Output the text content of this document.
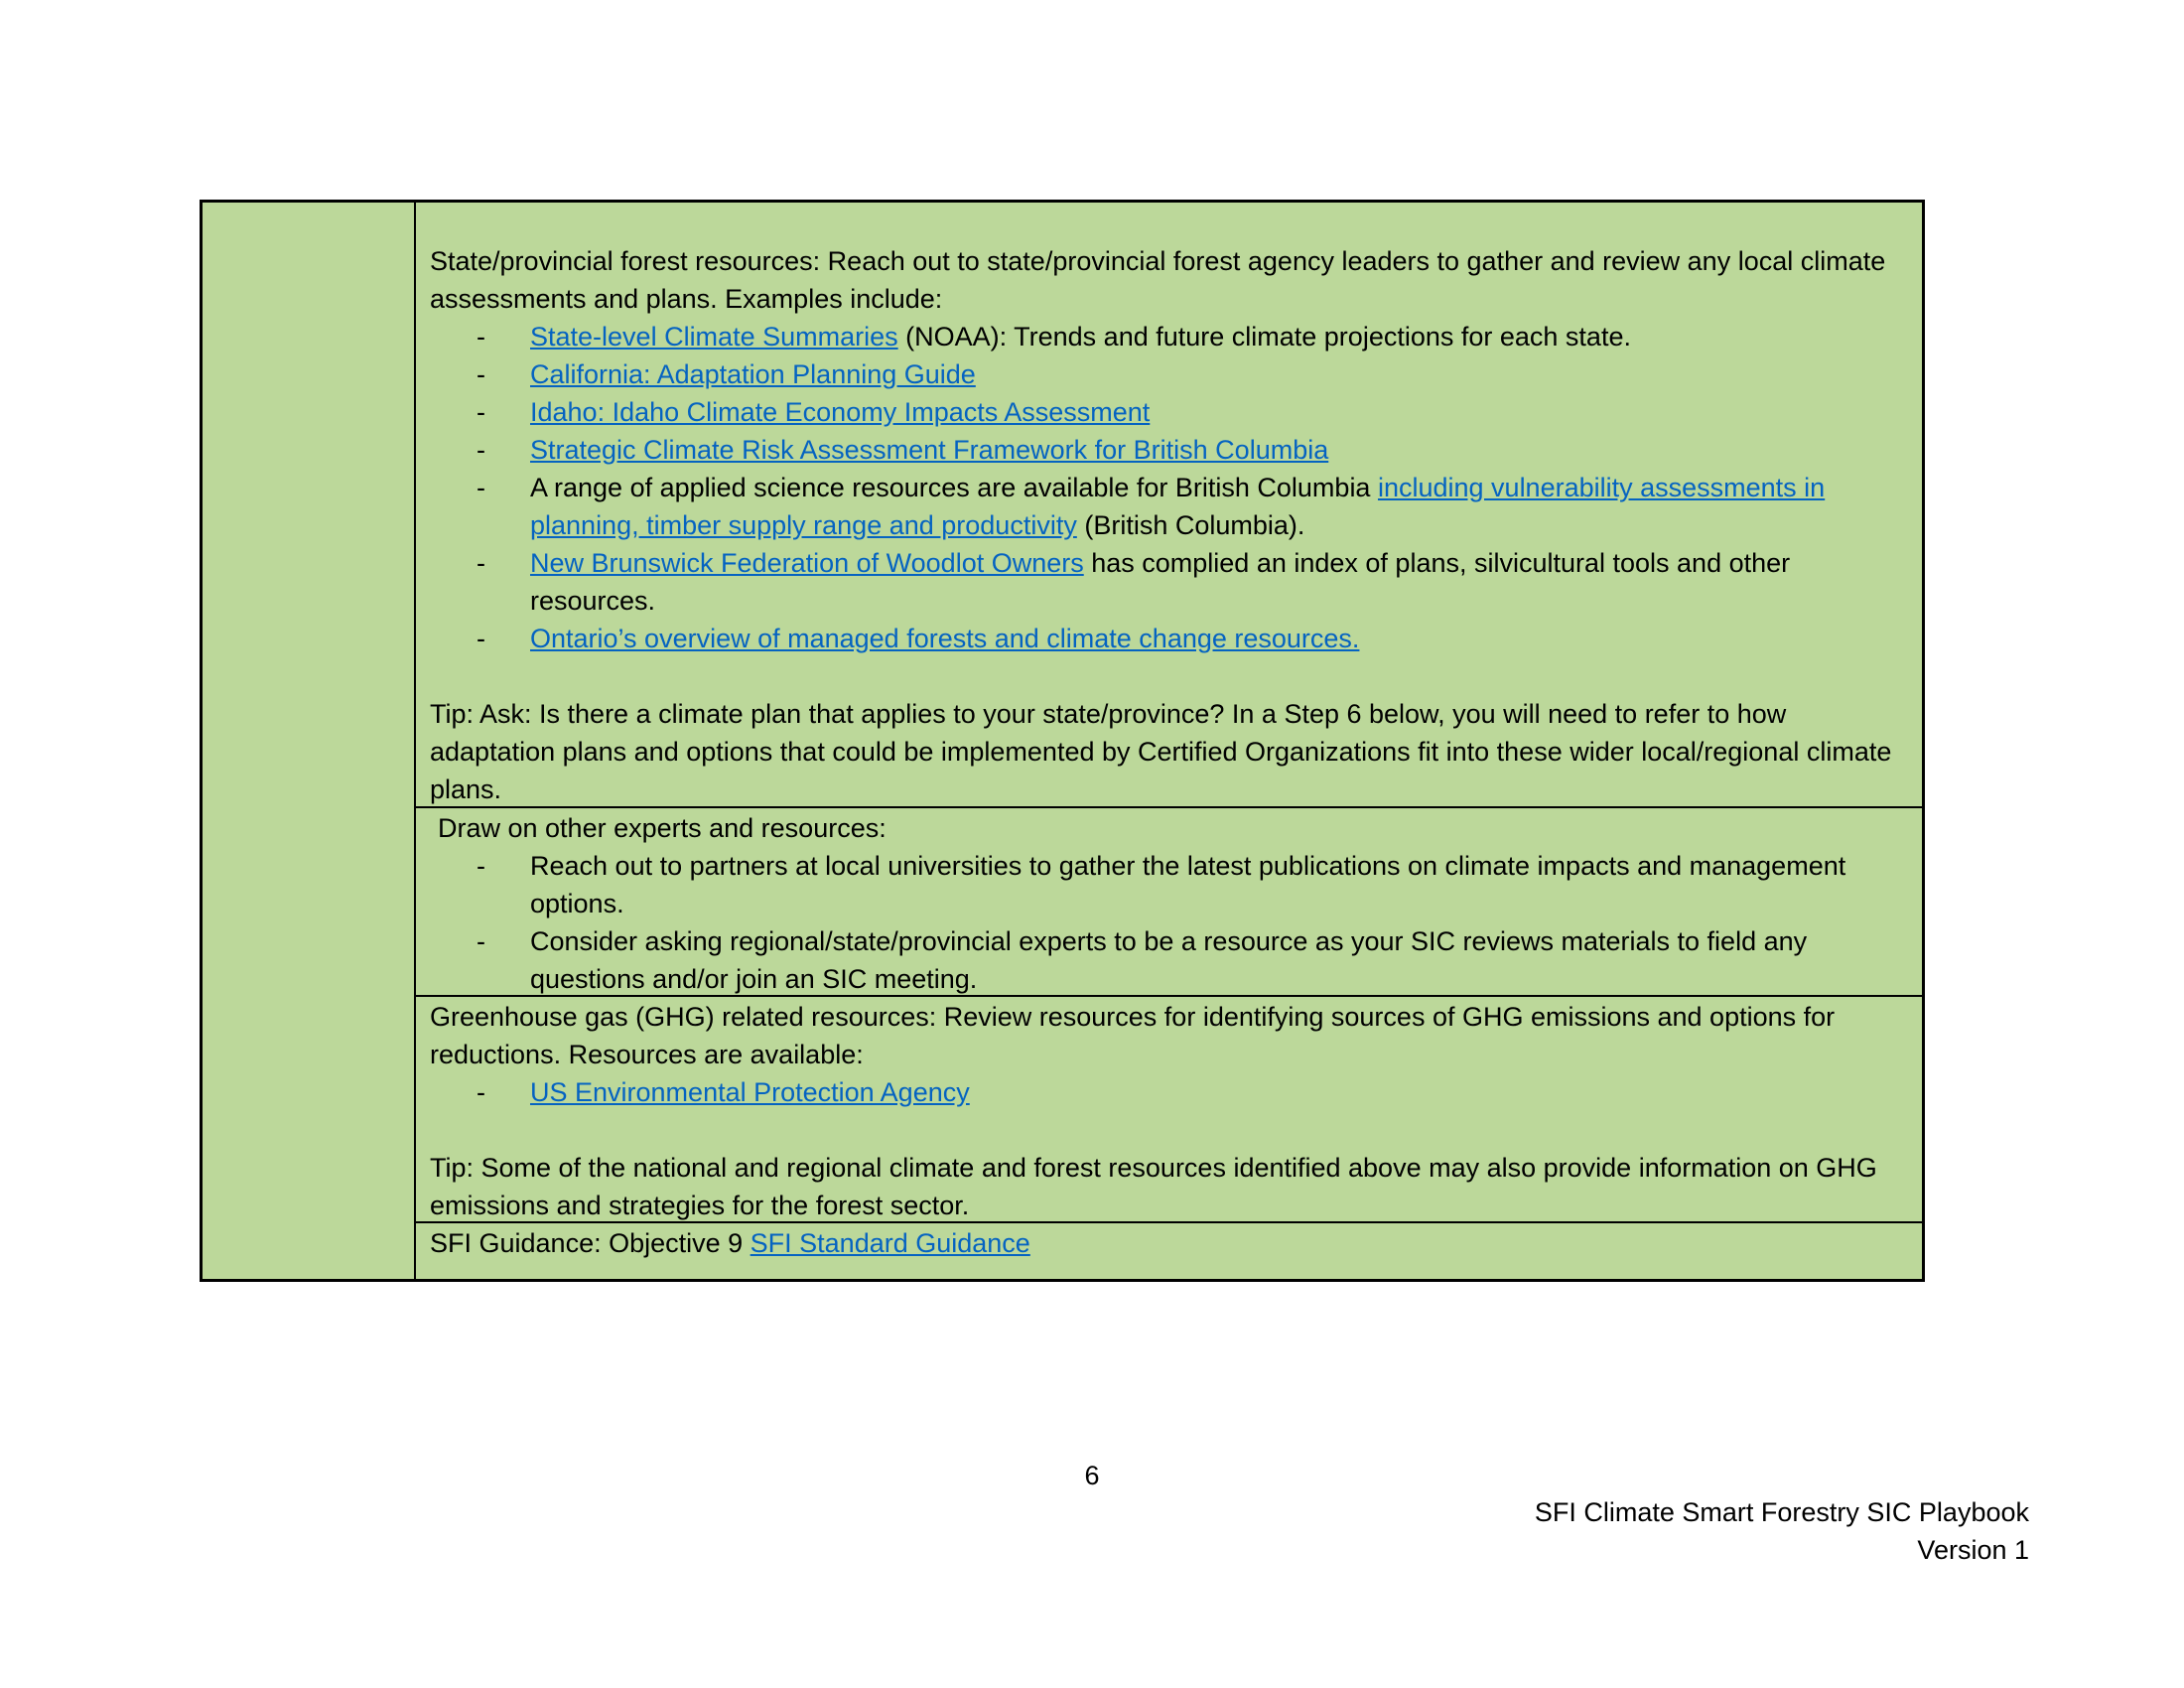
State/provincial forest resources: Reach out to state/provincial forest agency leaders to gather and review any local climate assessments and plans. Examples include:

- State-level Climate Summaries (NOAA): Trends and future climate projections for each state.
- California: Adaptation Planning Guide
- Idaho: Idaho Climate Economy Impacts Assessment
- Strategic Climate Risk Assessment Framework for British Columbia
- A range of applied science resources are available for British Columbia including vulnerability assessments in planning, timber supply range and productivity (British Columbia).
- New Brunswick Federation of Woodlot Owners has complied an index of plans, silvicultural tools and other resources.
- Ontario’s overview of managed forests and climate change resources.

Tip: Ask: Is there a climate plan that applies to your state/province? In a Step 6 below, you will need to refer to how adaptation plans and options that could be implemented by Certified Organizations fit into these wider local/regional climate plans.

Draw on other experts and resources:

- Reach out to partners at local universities to gather the latest publications on climate impacts and management options.
- Consider asking regional/state/provincial experts to be a resource as your SIC reviews materials to field any questions and/or join an SIC meeting.

Greenhouse gas (GHG) related resources: Review resources for identifying sources of GHG emissions and options for reductions. Resources are available:

- US Environmental Protection Agency

Tip: Some of the national and regional climate and forest resources identified above may also provide information on GHG emissions and strategies for the forest sector.

SFI Guidance: Objective 9 SFI Standard Guidance
6
SFI Climate Smart Forestry SIC Playbook
Version 1
